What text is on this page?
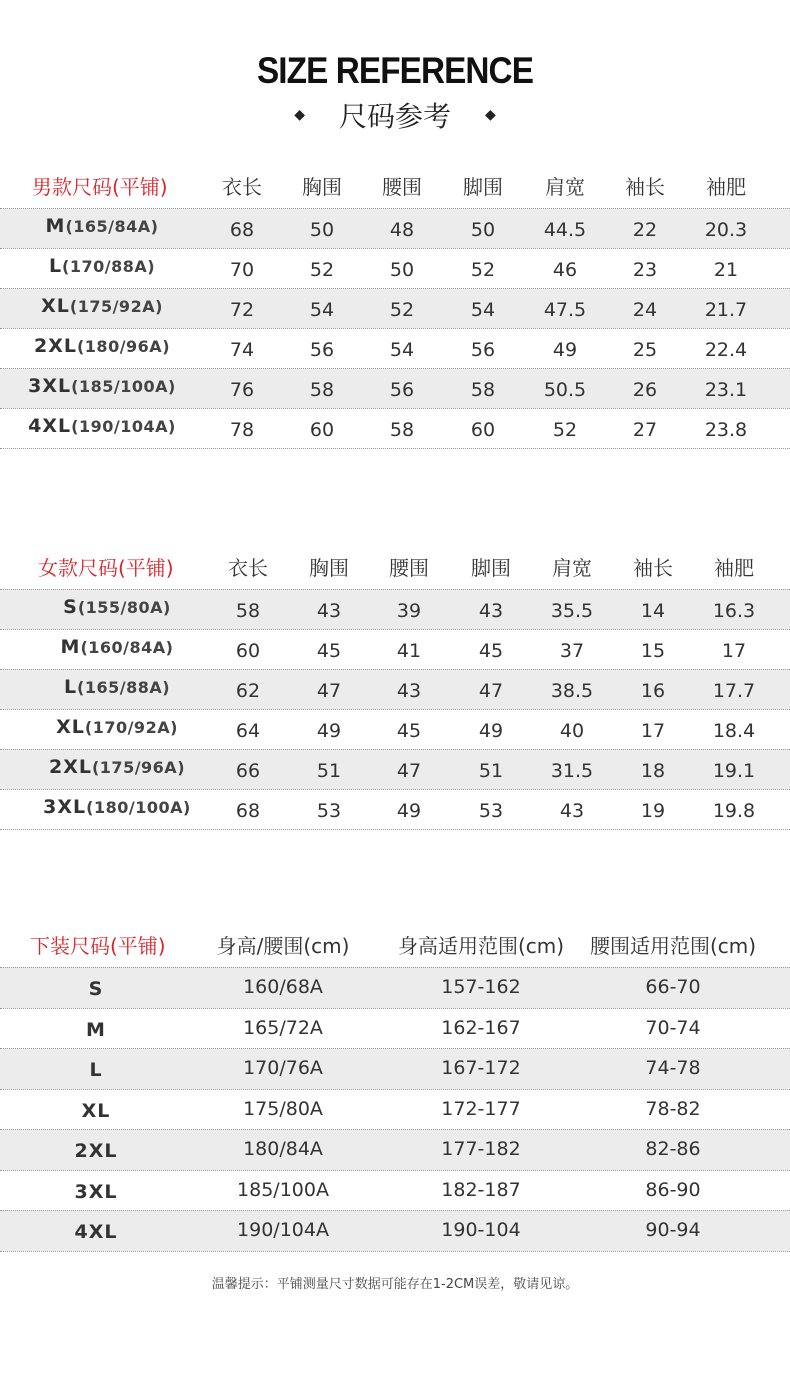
SIZE REFERENCE
◆ 尺码参考 ◆
男款尺码(平铺)	衣长	胸围	腰围	脚围	肩宽	袖长	袖肥
M(165/84A)	68	50	48	50	44.5	22	20.3
L(170/88A)	70	52	50	52	46	23	21
XL(175/92A)	72	54	52	54	47.5	24	21.7
2XL(180/96A)	74	56	54	56	49	25	22.4
3XL(185/100A)	76	58	56	58	50.5	26	23.1
4XL(190/104A)	78	60	58	60	52	27	23.8
女款尺码(平铺)	衣长	胸围	腰围	脚围	肩宽	袖长	袖肥
S(155/80A)	58	43	39	43	35.5	14	16.3
M(160/84A)	60	45	41	45	37	15	17
L(165/88A)	62	47	43	47	38.5	16	17.7
XL(170/92A)	64	49	45	49	40	17	18.4
2XL(175/96A)	66	51	47	51	31.5	18	19.1
3XL(180/100A)	68	53	49	53	43	19	19.8
下装尺码(平铺)	身高/腰围(cm)	身高适用范围(cm)	腰围适用范围(cm)
S	160/68A	157-162	66-70
M	165/72A	162-167	70-74
L	170/76A	167-172	74-78
XL	175/80A	172-177	78-82
2XL	180/84A	177-182	82-86
3XL	185/100A	182-187	86-90
4XL	190/104A	190-104	90-94
温馨提示：平铺测量尺寸数据可能存在1-2CM误差，敬请见谅。
